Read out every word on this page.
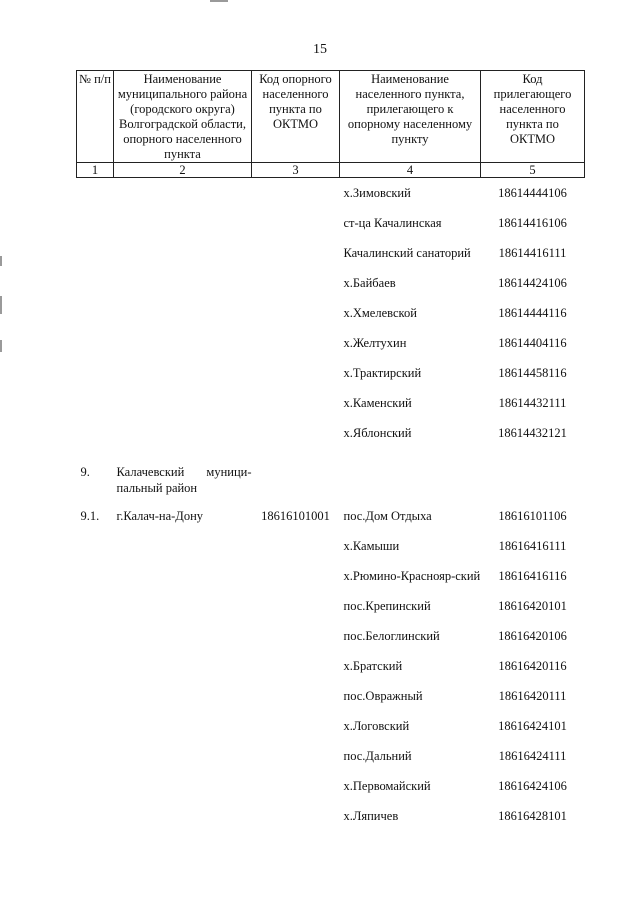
15
№ п/п	Наименование муниципального района (городского округа) Волгоградской области, опорного населенного пункта	Код опорного населенного пункта по ОКТМО	Наименование населенного пункта, прилегающего к опорному населенному пункту	Код прилегающего населенного пункта по ОКТМО
1	2	3	4	5
			х.Зимовский	18614444106
			ст-ца Качалинская	18614416106
			Качалинский санаторий	18614416111
			х.Байбаев	18614424106
			х.Хмелевской	18614444116
			х.Желтухин	18614404116
			х.Трактирский	18614458116
			х.Каменский	18614432111
			х.Яблонский	18614432121
9.	Калачевский муници-пальный район			
9.1.	г.Калач-на-Дону	18616101001	пос.Дом Отдыха	18616101106
			х.Камыши	18616416111
			х.Рюмино-Краснояр-ский	18616416116
			пос.Крепинский	18616420101
			пос.Белоглинский	18616420106
			х.Братский	18616420116
			пос.Овражный	18616420111
			х.Логовский	18616424101
			пос.Дальний	18616424111
			х.Первомайский	18616424106
			х.Ляпичев	18616428101
